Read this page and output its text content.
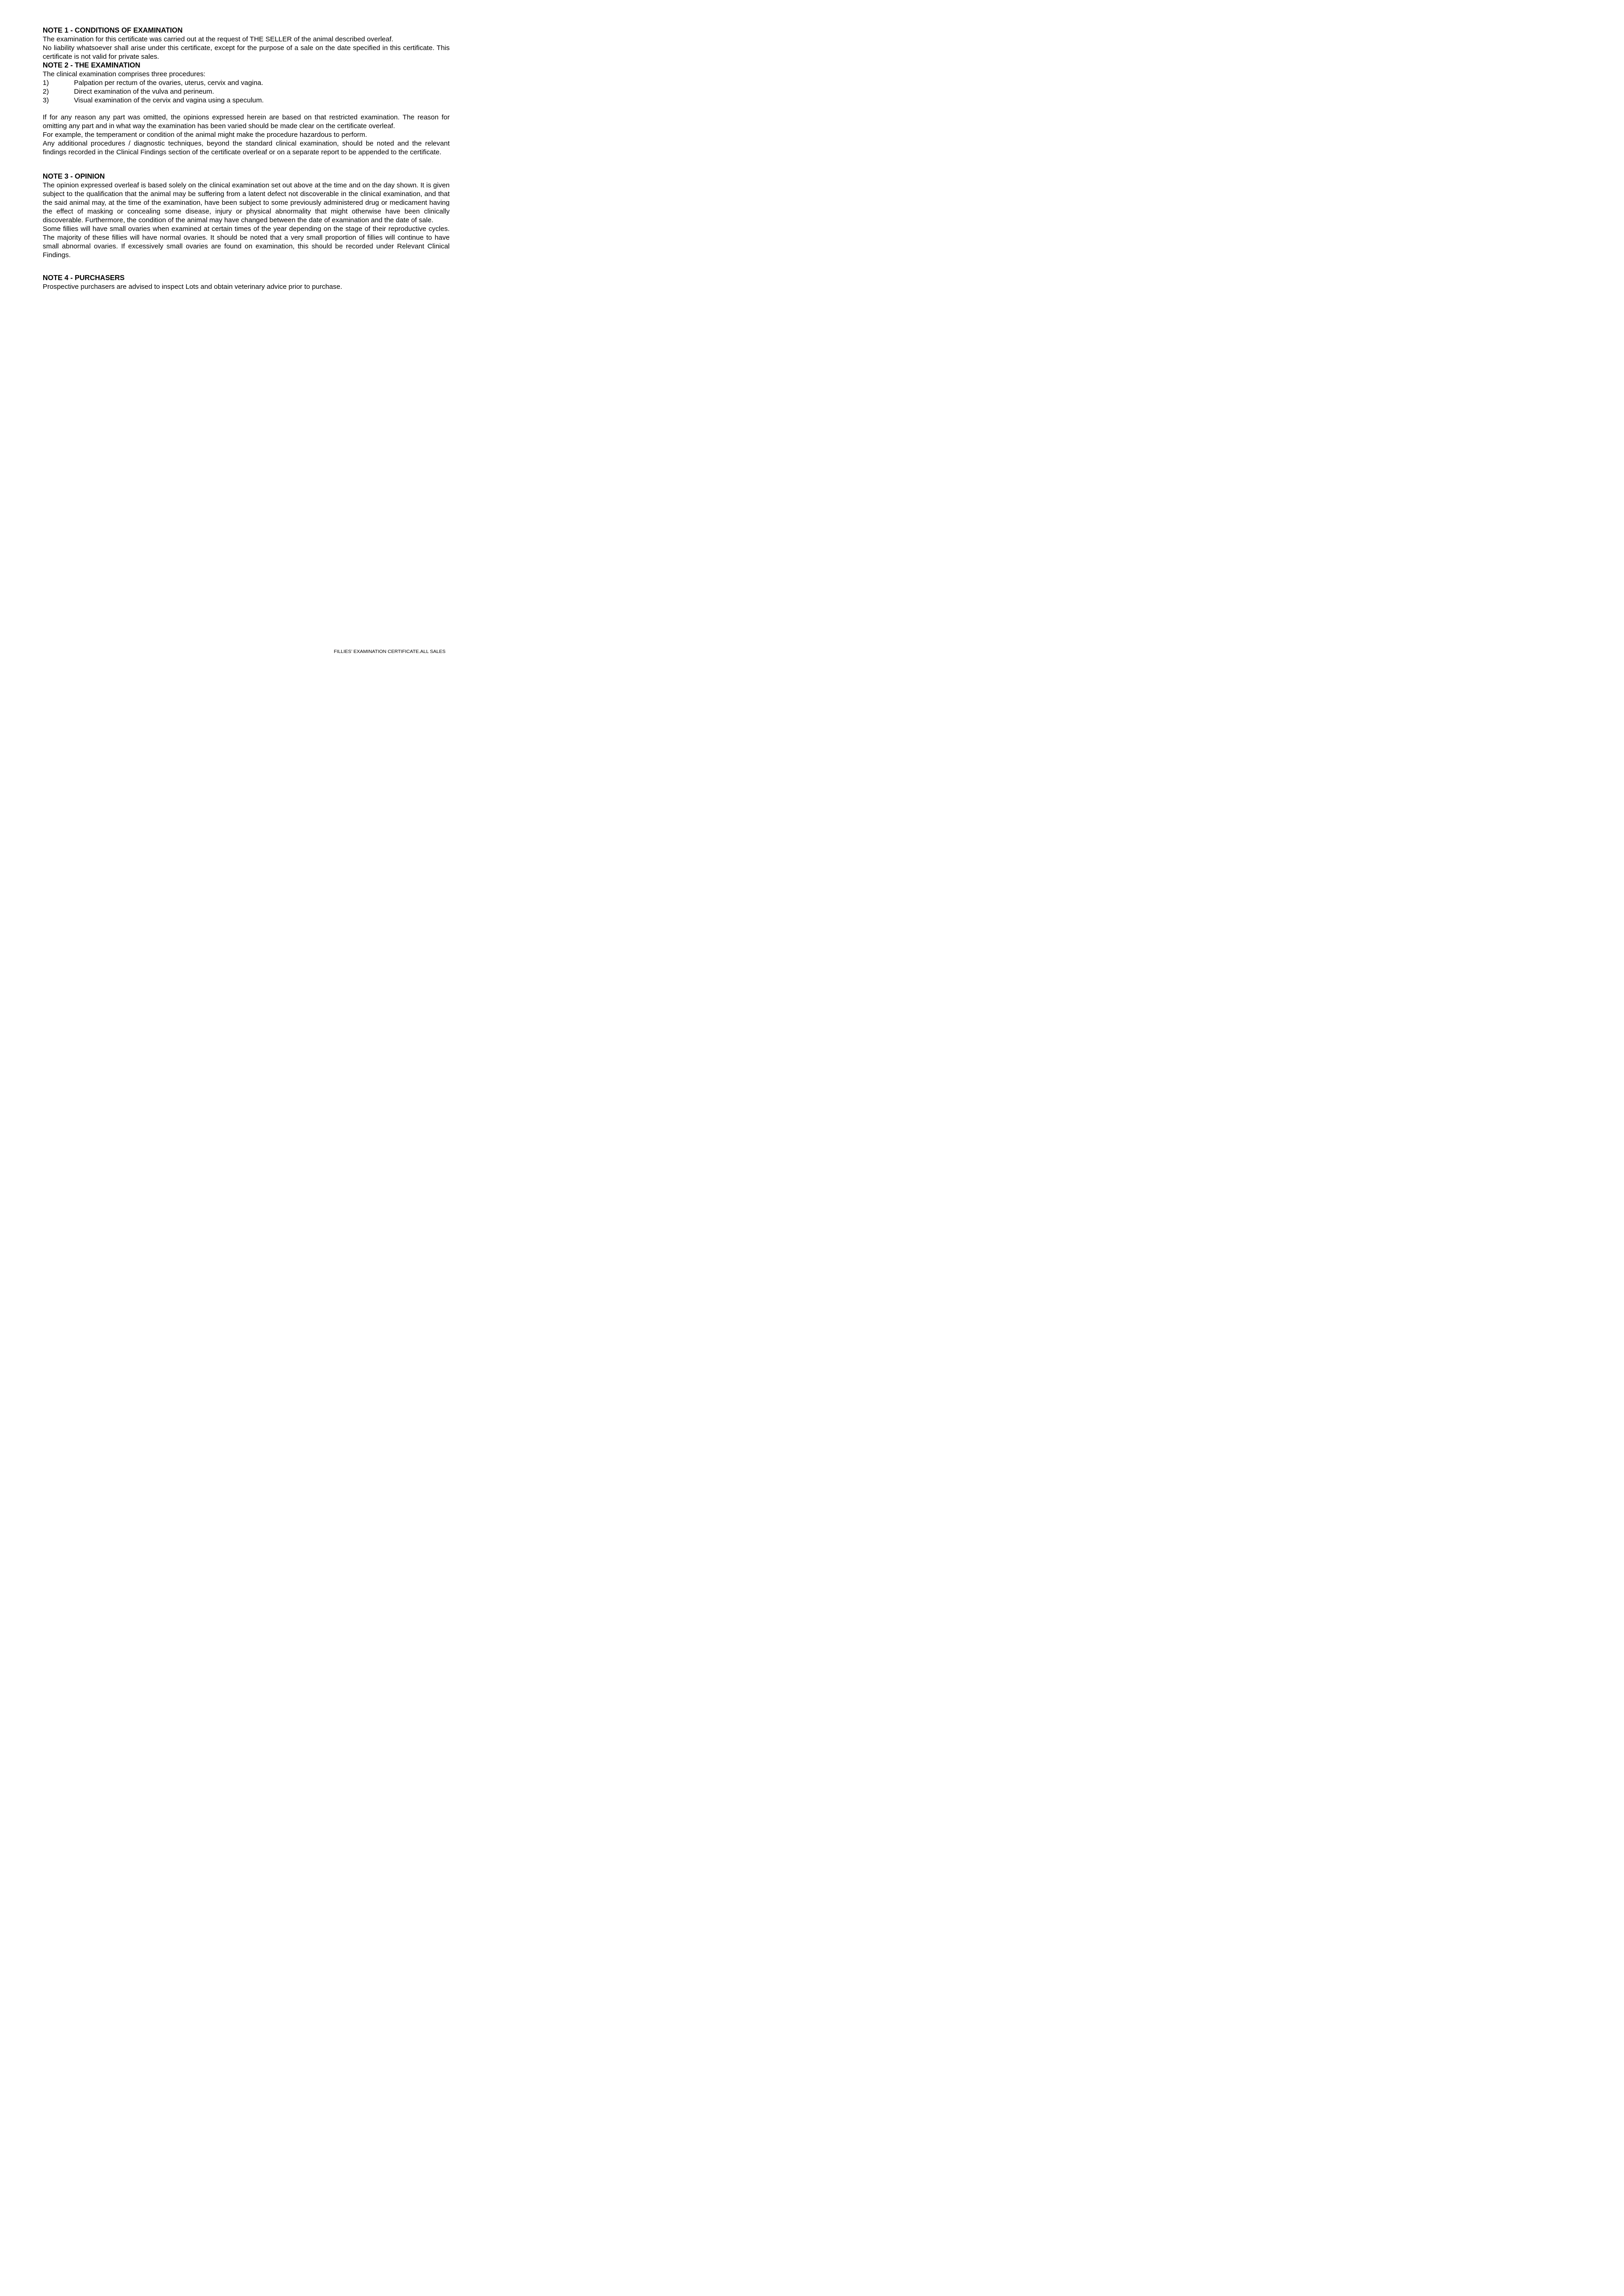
NOTE 1 - CONDITIONS OF EXAMINATION

The examination for this certificate was carried out at the request of THE SELLER of the animal described overleaf.

No liability whatsoever shall arise under this certificate, except for the purpose of a sale on the date specified in this certificate. This certificate is not valid for private sales.

NOTE 2 - THE EXAMINATION

The clinical examination comprises three procedures:

1)	Palpation per rectum of the ovaries, uterus, cervix and vagina.
2)	Direct examination of the vulva and perineum.
3)	Visual examination of the cervix and vagina using a speculum.

If for any reason any part was omitted, the opinions expressed herein are based on that restricted examination. The reason for omitting any part and in what way the examination has been varied should be made clear on the certificate overleaf.

For example, the temperament or condition of the animal might make the procedure hazardous to perform.

Any additional procedures / diagnostic techniques, beyond the standard clinical examination, should be noted and the relevant findings recorded in the Clinical Findings section of the certificate overleaf or on a separate report to be appended to the certificate.

NOTE 3 - OPINION

The opinion expressed overleaf is based solely on the clinical examination set out above at the time and on the day shown. It is given subject to the qualification that the animal may be suffering from a latent defect not discoverable in the clinical examination, and that the said animal may, at the time of the examination, have been subject to some previously administered drug or medicament having the effect of masking or concealing some disease, injury or physical abnormality that might otherwise have been clinically discoverable. Furthermore, the condition of the animal may have changed between the date of examination and the date of sale.

Some fillies will have small ovaries when examined at certain times of the year depending on the stage of their reproductive cycles. The majority of these fillies will have normal ovaries. It should be noted that a very small proportion of fillies will continue to have small abnormal ovaries. If excessively small ovaries are found on examination, this should be recorded under Relevant Clinical Findings.

NOTE 4 - PURCHASERS

Prospective purchasers are advised to inspect Lots and obtain veterinary advice prior to purchase.

FILLIES’ EXAMINATION CERTIFICATE.ALL SALES
